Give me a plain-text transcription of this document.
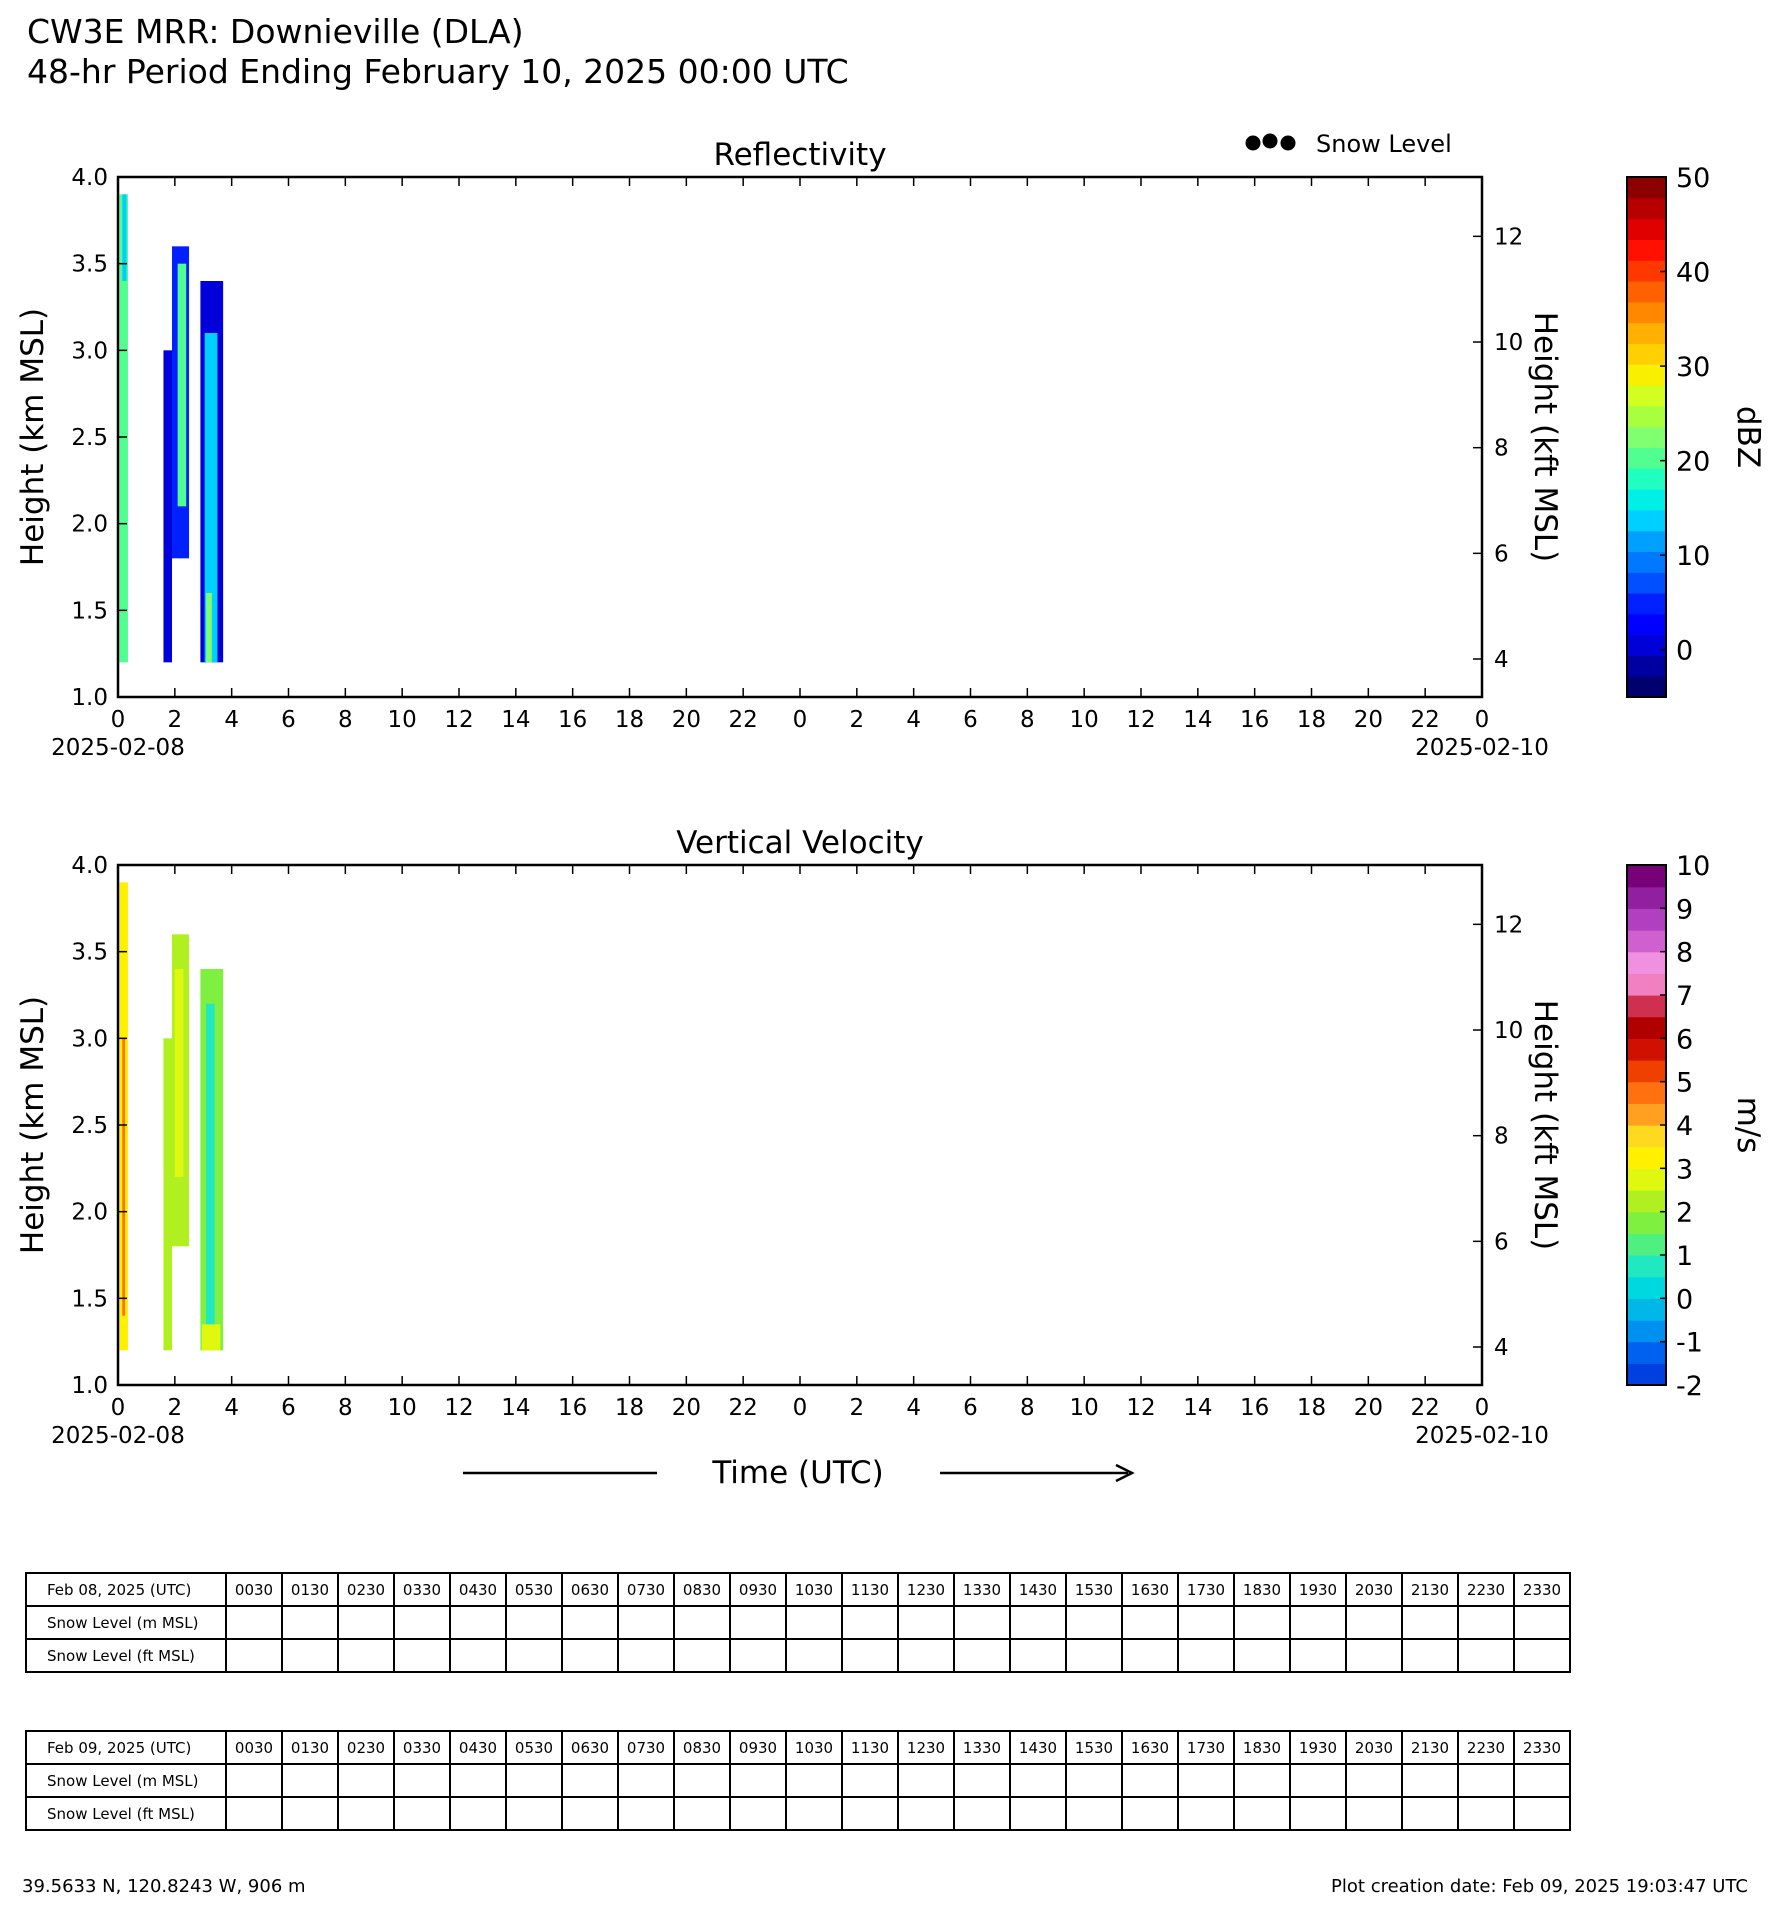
CW3E MRR: Downieville (DLA)
48-hr Period Ending February 10, 2025 00:00 UTC
Reflectivity
0 2 4 6 8 10 12 14 16 18 20 22 0 2 4 6 8 10 12 14 16 18 20 22 0
2025-02-08	2025-02-10
1.0
1.5
2.0
2.5
3.0
3.5
4.0
Height (km MSL)
4
6
8
10
12
Height (kft MSL)
Snow Level
0
10
20
30
40
50
dBZ
Vertical Velocity
0 2 4 6 8 10 12 14 16 18 20 22 0 2 4 6 8 10 12 14 16 18 20 22 0
2025-02-08	2025-02-10
1.0
1.5
2.0
2.5
3.0
3.5
4.0
Height (km MSL)
4
6
8
10
12
Height (kft MSL)
Time (UTC)
-2
-1
0
1
2
3
4
5
6
7
8
9
10
m/s
Feb 08, 2025 (UTC)	0030	0130	0230	0330	0430	0530	0630	0730	0830	0930	1030	1130	1230	1330	1430	1530	1630	1730	1830	1930	2030	2130	2230	2330
Snow Level (m MSL)																								
Snow Level (ft MSL)																								
Feb 09, 2025 (UTC)	0030	0130	0230	0330	0430	0530	0630	0730	0830	0930	1030	1130	1230	1330	1430	1530	1630	1730	1830	1930	2030	2130	2230	2330
Snow Level (m MSL)																								
Snow Level (ft MSL)																								
39.5633 N, 120.8243 W, 906 m	Plot creation date: Feb 09, 2025 19:03:47 UTC
